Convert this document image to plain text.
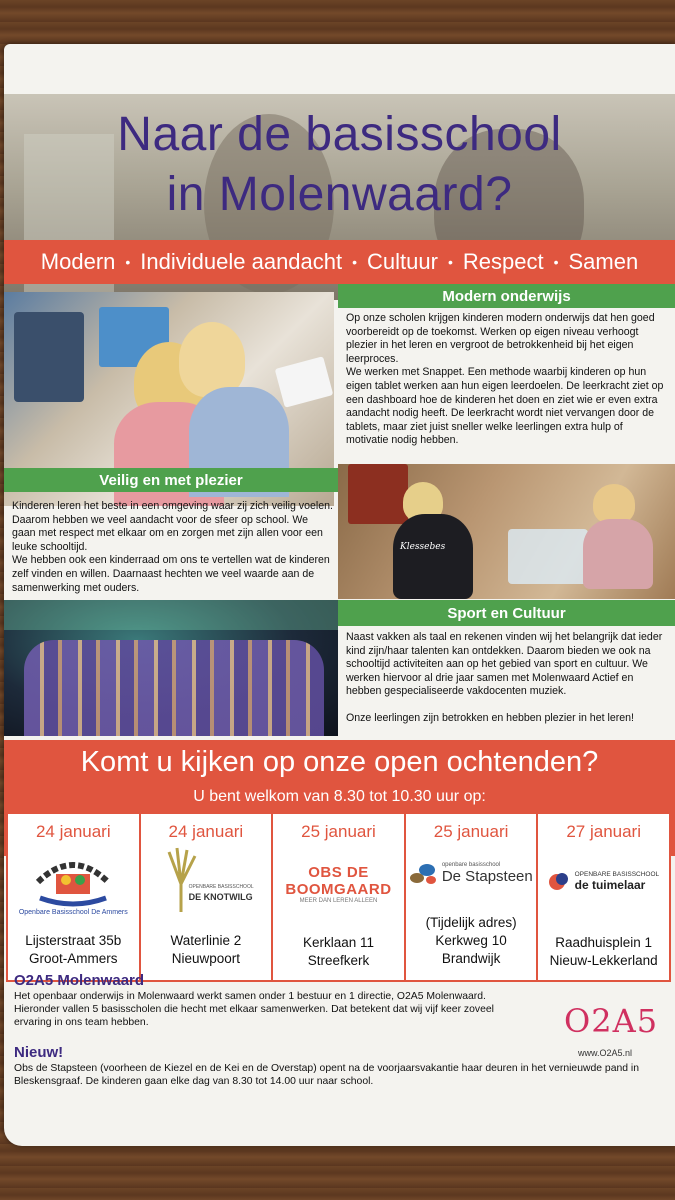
Naar de basisschool
in Molenwaard?
Modern • Individuele aandacht • Cultuur • Respect • Samen
Modern onderwijs

Op onze scholen krijgen kinderen modern onderwijs dat hen goed voorbereidt op de toekomst. Werken op eigen niveau verhoogt plezier in het leren en vergroot de betrokkenheid bij het eigen leerproces.

We werken met Snappet. Een methode waarbij kinderen op hun eigen tablet werken aan hun eigen leerdoelen. De leerkracht ziet op een dashboard hoe de kinderen het doen en ziet wie er even extra aandacht nodig heeft. De leerkracht wordt niet vervangen door de tablets, maar ziet juist sneller welke leerlingen extra hulp of motivatie nodig hebben.

Veilig en met plezier

Kinderen leren het beste in een omgeving waar zij zich veilig voelen. Daarom hebben we veel aandacht voor de sfeer op school. We gaan met respect met elkaar om en zorgen met zijn allen voor een leuke schooltijd.

We hebben ook een kinderraad om ons te vertellen wat de kinderen zelf vinden en willen. Daarnaast hechten we veel waarde aan de samenwerking met ouders.

Klessebes
Sport en Cultuur

Naast vakken als taal en rekenen vinden wij het belangrijk dat ieder kind zijn/haar talenten kan ontdekken. Daarom bieden we ook na schooltijd activiteiten aan op het gebied van sport en cultuur. We werken hiervoor al drie jaar samen met Molenwaard Actief en hebben gespecialiseerde vakdocenten muziek.

Onze leerlingen zijn betrokken en hebben plezier in het leren!

Komt u kijken op onze open ochtenden?
U bent welkom van 8.30 tot 10.30 uur op:
24 januari
Openbare Basisschool De Ammers
Lijsterstraat 35b
Groot-Ammers
24 januari
OPENBARE BASISSCHOOL
DE KNOTWILG
Waterlinie 2
Nieuwpoort
25 januari
OBS DE BOOMGAARD
MEER DAN LEREN ALLEEN
Kerklaan 11
Streefkerk
25 januari

openbare basisschool
De Stapsteen
(Tijdelijk adres)
Kerkweg 10
Brandwijk
27 januari

OPENBARE BASISSCHOOL
de tuimelaar
Raadhuisplein 1
Nieuw-Lekkerland
O2A5 Molenwaard
Het openbaar onderwijs in Molenwaard werkt samen onder 1 bestuur en 1 directie, O2A5 Molenwaard. Hieronder vallen 5 basisscholen die hecht met elkaar samenwerken. Dat betekent dat wij vijf keer zoveel ervaring in ons team hebben.	O2A5
www.O2A5.nl
Nieuw!
Obs de Stapsteen (voorheen de Kiezel en de Kei en de Overstap) opent na de voorjaarsvakantie haar deuren in het vernieuwde pand in Bleskensgraaf. De kinderen gaan elke dag van 8.30 tot 14.00 uur naar school.
